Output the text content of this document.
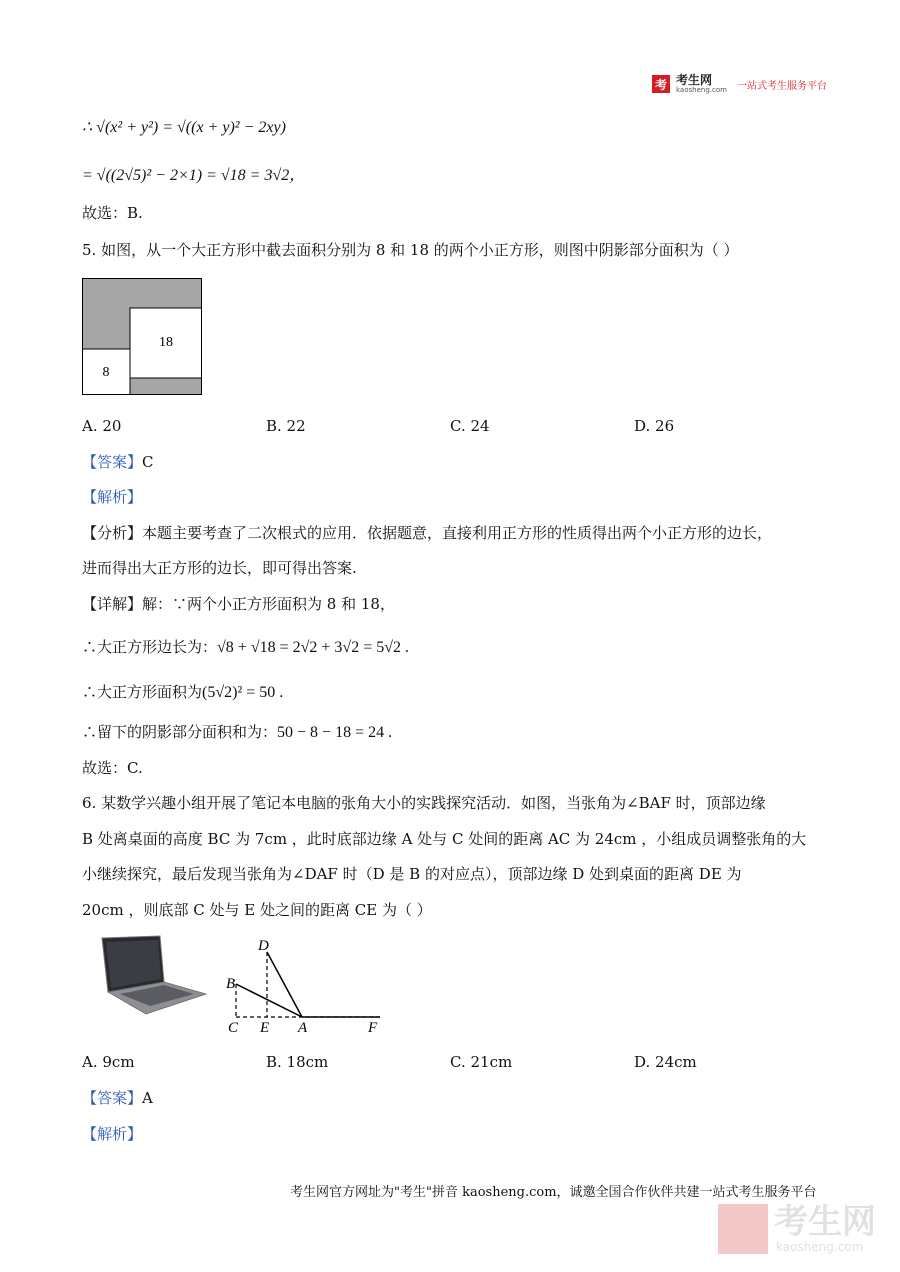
考 考生网
kaosheng.com 一站式考生服务平台
∴ √(x² + y²) = √((x + y)² − 2xy)
= √((2√5)² − 2×1) = √18 = 3√2，
故选：B.
5. 如图，从一个大正方形中截去面积分别为 8 和 18 的两个小正方形，则图中阴影部分面积为（ ）
18
8
A. 20	B. 22	C. 24	D. 26
【答案】C
【解析】
【分析】本题主要考查了二次根式的应用．依据题意，直接利用正方形的性质得出两个小正方形的边长，
进而得出大正方形的边长，即可得出答案.
【详解】解：∵两个小正方形面积为 8 和 18，
∴大正方形边长为：√8 + √18 = 2√2 + 3√2 = 5√2 .
∴大正方形面积为(5√2)² = 50 .
∴留下的阴影部分面积和为：50 − 8 − 18 = 24 .
故选：C.
6. 某数学兴趣小组开展了笔记本电脑的张角大小的实践探究活动．如图，当张角为∠BAF 时，顶部边缘
B 处离桌面的高度 BC 为 7cm ，此时底部边缘 A 处与 C 处间的距离 AC 为 24cm ，小组成员调整张角的大
小继续探究，最后发现当张角为∠DAF 时（D 是 B 的对应点），顶部边缘 D 处到桌面的距离 DE 为
20cm ，则底部 C 处与 E 处之间的距离 CE 为（ ）
D
B
C E A	F
A. 9cm	B. 18cm	C. 21cm	D. 24cm
【答案】A
【解析】
考生网官方网址为"考生"拼音 kaosheng.com，诚邀全国合作伙伴共建一站式考生服务平台
考生网
kaosheng.com
